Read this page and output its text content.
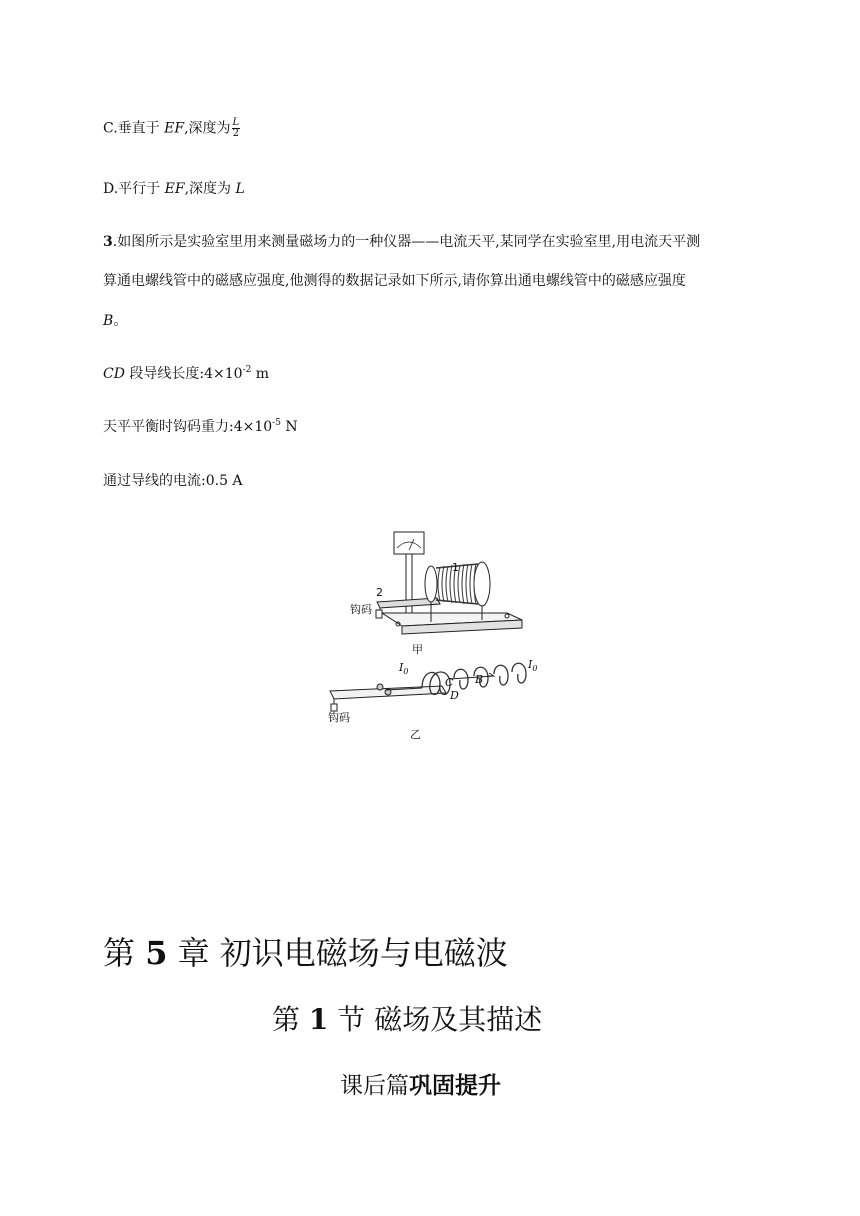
C.垂直于 EF,深度为 $\frac{L}{2}$
D.平行于 EF,深度为 L
3.如图所示是实验室里用来测量磁场力的一种仪器——电流天平,某同学在实验室里,用电流天平测
算通电螺线管中的磁感应强度,他测得的数据记录如下所示,请你算出通电螺线管中的磁感应强度
B。
CD 段导线长度$:4\times 10^{-2}$ m
天平平衡时钩码重力$:4\times 10^{-5}$ N
通过导线的电流:0.5 A
1
2
钩码
甲
$I_0$
$I_0$
C
D
B
钩码
乙
第 5 章 初识电磁场与电磁波
第 1 节 磁场及其描述
课后篇巩固提升
